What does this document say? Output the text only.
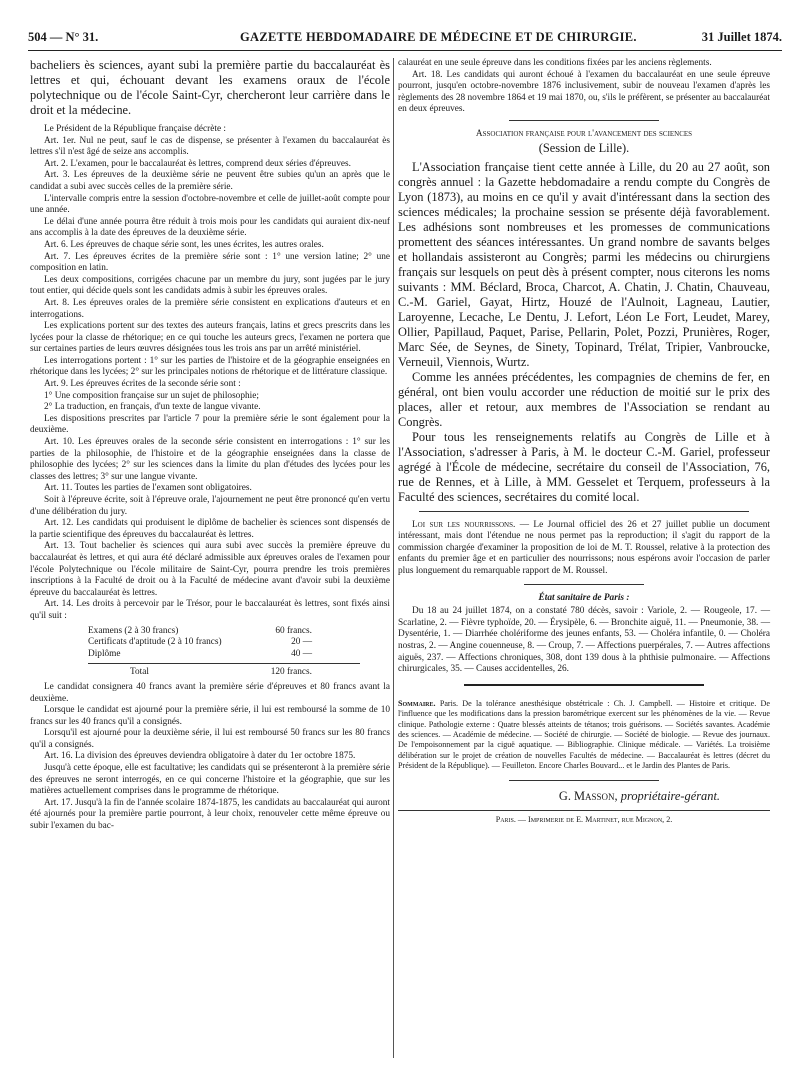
504 — N° 31.	GAZETTE HEBDOMADAIRE DE MÉDECINE ET DE CHIRURGIE.	31 Juillet 1874.

bacheliers ès sciences, ayant subi la première partie du baccalauréat ès lettres et qui, échouant devant les examens oraux de l'école polytechnique ou de l'école Saint-Cyr, chercheront leur carrière dans le droit et la médecine.

Le Président de la République française décrète :

Art. 1er. Nul ne peut, sauf le cas de dispense, se présenter à l'examen du baccalauréat ès lettres s'il n'est âgé de seize ans accomplis.

Art. 2. L'examen, pour le baccalauréat ès lettres, comprend deux séries d'épreuves.

Art. 3. Les épreuves de la deuxième série ne peuvent être subies qu'un an après que le candidat a subi avec succès celles de la première série.

L'intervalle compris entre la session d'octobre-novembre et celle de juillet-août compte pour une année.

Le délai d'une année pourra être réduit à trois mois pour les candidats qui auraient dix-neuf ans accomplis à la date des épreuves de la deuxième série.

Art. 6. Les épreuves de chaque série sont, les unes écrites, les autres orales.

Art. 7. Les épreuves écrites de la première série sont : 1° une version latine; 2° une composition en latin.

Les deux compositions, corrigées chacune par un membre du jury, sont jugées par le jury tout entier, qui décide quels sont les candidats admis à subir les épreuves orales.

Art. 8. Les épreuves orales de la première série consistent en explications d'auteurs et en interrogations.

Les explications portent sur des textes des auteurs français, latins et grecs prescrits dans les lycées pour la classe de rhétorique; en ce qui touche les auteurs grecs, l'examen ne portera que sur certaines parties de leurs œuvres désignées tous les trois ans par un arrêté ministériel.

Les interrogations portent : 1° sur les parties de l'histoire et de la géographie enseignées en rhétorique dans les lycées; 2° sur les principales notions de rhétorique et de littérature classique.

Art. 9. Les épreuves écrites de la seconde série sont :

1° Une composition française sur un sujet de philosophie;

2° La traduction, en français, d'un texte de langue vivante.

Les dispositions prescrites par l'article 7 pour la première série le sont également pour la deuxième.

Art. 10. Les épreuves orales de la seconde série consistent en interrogations : 1° sur les parties de la philosophie, de l'histoire et de la géographie enseignées dans la classe de philosophie des lycées; 2° sur les sciences dans la limite du plan d'études des lycées pour les classes des lettres; 3° sur une langue vivante.

Art. 11. Toutes les parties de l'examen sont obligatoires.

Soit à l'épreuve écrite, soit à l'épreuve orale, l'ajournement ne peut être prononcé qu'en vertu d'une délibération du jury.

Art. 12. Les candidats qui produisent le diplôme de bachelier ès sciences sont dispensés de la partie scientifique des épreuves du baccalauréat ès lettres.

Art. 13. Tout bachelier ès sciences qui aura subi avec succès la première épreuve du baccalauréat ès lettres, et qui aura été déclaré admissible aux épreuves orales de l'examen pour l'école Polytechnique ou l'école militaire de Saint-Cyr, pourra prendre les trois premières inscriptions à la Faculté de droit ou à la Faculté de médecine avant d'avoir subi la deuxième épreuve du baccalauréat ès lettres.

Art. 14. Les droits à percevoir par le Trésor, pour le baccalauréat ès lettres, sont fixés ainsi qu'il suit :

Examens (2 à 30 francs)	60 francs.
Certificats d'aptitude (2 à 10 francs)	20 —
Diplôme	40 —
Total	120 francs.

Le candidat consignera 40 francs avant la première série d'épreuves et 80 francs avant la deuxième.

Lorsque le candidat est ajourné pour la première série, il lui est remboursé la somme de 10 francs sur les 40 francs qu'il a consignés.

Lorsqu'il est ajourné pour la deuxième série, il lui est remboursé 50 francs sur les 80 francs qu'il a consignés.

Art. 16. La division des épreuves deviendra obligatoire à dater du 1er octobre 1875.

Jusqu'à cette époque, elle est facultative; les candidats qui se présenteront à la première série des épreuves ne seront interrogés, en ce qui concerne l'histoire et la géographie, que sur les matières actuellement comprises dans le programme de rhétorique.

Art. 17. Jusqu'à la fin de l'année scolaire 1874-1875, les candidats au baccalauréat qui auront été ajournés pour la première partie pourront, à leur choix, renouveler cette même épreuve ou subir l'examen du bac-

calauréat en une seule épreuve dans les conditions fixées par les anciens règlements.

Art. 18. Les candidats qui auront échoué à l'examen du baccalauréat en une seule épreuve pourront, jusqu'en octobre-novembre 1876 inclusivement, subir de nouveau l'examen d'après les règlements des 28 novembre 1864 et 19 mai 1870, ou, s'ils le préfèrent, se présenter au baccalauréat en deux épreuves.

Association française pour l'avancement des sciences

(Session de Lille).

L'Association française tient cette année à Lille, du 20 au 27 août, son congrès annuel : la Gazette hebdomadaire a rendu compte du Congrès de Lyon (1873), au moins en ce qu'il y avait d'intéressant dans la section des sciences médicales; la prochaine session se présente déjà favorablement. Les adhésions sont nombreuses et les promesses de communications promettent des séances intéressantes. Un grand nombre de savants belges et hollandais assisteront au Congrès; parmi les médecins ou chirurgiens français sur lesquels on peut dès à présent compter, nous citerons les noms suivants : MM. Béclard, Broca, Charcot, A. Chatin, J. Chatin, Chauveau, C.-M. Gariel, Gayat, Hirtz, Houzé de l'Aulnoit, Lagneau, Lautier, Laroyenne, Lecache, Le Dentu, J. Lefort, Léon Le Fort, Leudet, Marey, Ollier, Papillaud, Paquet, Parise, Pellarin, Polet, Pozzi, Prunières, Roger, Marc Sée, de Seynes, de Sinety, Topinard, Trélat, Tripier, Vanbroucke, Verneuil, Viennois, Wurtz.

Comme les années précédentes, les compagnies de chemins de fer, en général, ont bien voulu accorder une réduction de moitié sur le prix des places, aller et retour, aux membres de l'Association se rendant au Congrès.

Pour tous les renseignements relatifs au Congrès de Lille et à l'Association, s'adresser à Paris, à M. le docteur C.-M. Gariel, professeur agrégé à l'École de médecine, secrétaire du conseil de l'Association, 76, rue de Rennes, et à Lille, à MM. Gesselet et Terquem, professeurs à la Faculté des sciences, secrétaires du comité local.

Loi sur les nourrissons. — Le Journal officiel des 26 et 27 juillet publie un document intéressant, mais dont l'étendue ne nous permet pas la reproduction; il s'agit du rapport de la commission chargée d'examiner la proposition de loi de M. T. Roussel, relative à la protection des enfants du premier âge et en particulier des nourrissons; nous espérons avoir l'occasion de parler plus longuement du remarquable rapport de M. Roussel.

État sanitaire de Paris :

Du 18 au 24 juillet 1874, on a constaté 780 décès, savoir : Variole, 2. — Rougeole, 17. — Scarlatine, 2. — Fièvre typhoïde, 20. — Érysipèle, 6. — Bronchite aiguë, 11. — Pneumonie, 38. — Dysentérie, 1. — Diarrhée cholériforme des jeunes enfants, 53. — Choléra infantile, 0. — Choléra nostras, 2. — Angine couenneuse, 8. — Croup, 7. — Affections puerpérales, 7. — Autres affections aiguës, 237. — Affections chroniques, 308, dont 139 dous à la phthisie pulmonaire. — Affections chirurgicales, 35. — Causes accidentelles, 26.

Sommaire. Paris. De la tolérance anesthésique obstétricale : Ch. J. Campbell. — Histoire et critique. De l'influence que les modifications dans la pression barométrique exercent sur les phénomènes de la vie. — Revue clinique. Pathologie externe : Quatre blessés atteints de tétanos; trois guérisons. — Sociétés savantes. Académie des sciences. — Académie de médecine. — Société de chirurgie. — Société de biologie. — Revue des journaux. De l'empoisonnement par la ciguë aquatique. — Bibliographie. Clinique médicale. — Variétés. La troisième délibération sur le projet de création de nouvelles Facultés de médecine. — Baccalauréat ès lettres (décret du Président de la République). — Feuilleton. Encore Charles Bouvard... et le Jardin des Plantes de Paris.

G. Masson, propriétaire-gérant.

Paris. — Imprimerie de E. Martinet, rue Mignon, 2.
